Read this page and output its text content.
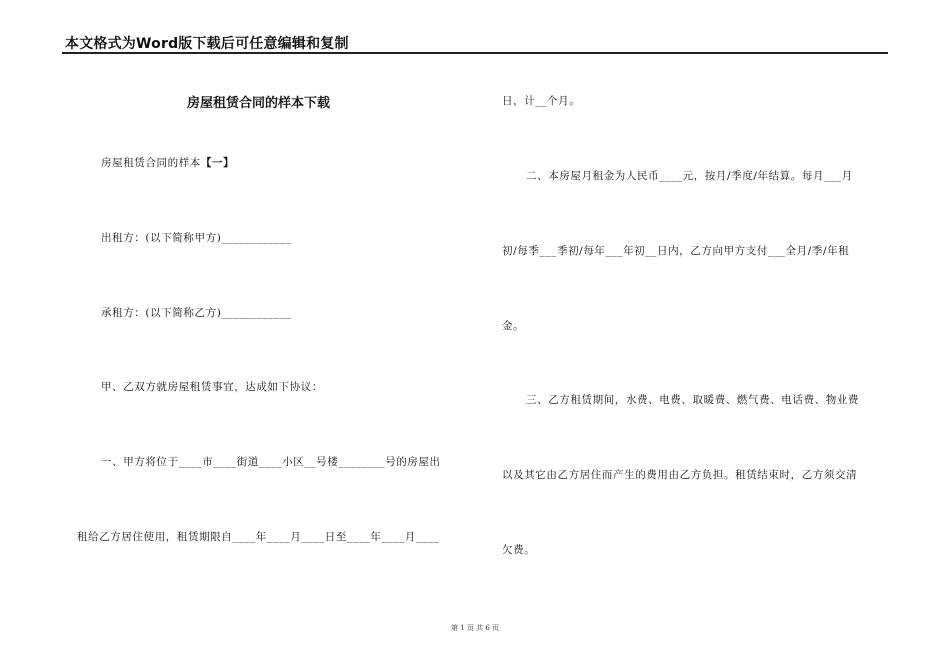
本文格式为Word版下载后可任意编辑和复制
房屋租赁合同的样本下载
房屋租赁合同的样本【一】
出租方：(以下简称甲方)____________
承租方：(以下简称乙方)____________
甲、乙双方就房屋租赁事宜，达成如下协议：
一、甲方将位于____市____街道____小区__号楼________号的房屋出
租给乙方居住使用，租赁期限自____年____月____日至____年____月____
日，计__个月。
二、本房屋月租金为人民币____元，按月/季度/年结算。每月___月
初/每季___季初/每年___年初__日内，乙方向甲方支付___全月/季/年租
金。
三、乙方租赁期间，水费、电费、取暖费、燃气费、电话费、物业费
以及其它由乙方居住而产生的费用由乙方负担。租赁结束时，乙方须交清
欠费。
第 1 页 共 6 页
